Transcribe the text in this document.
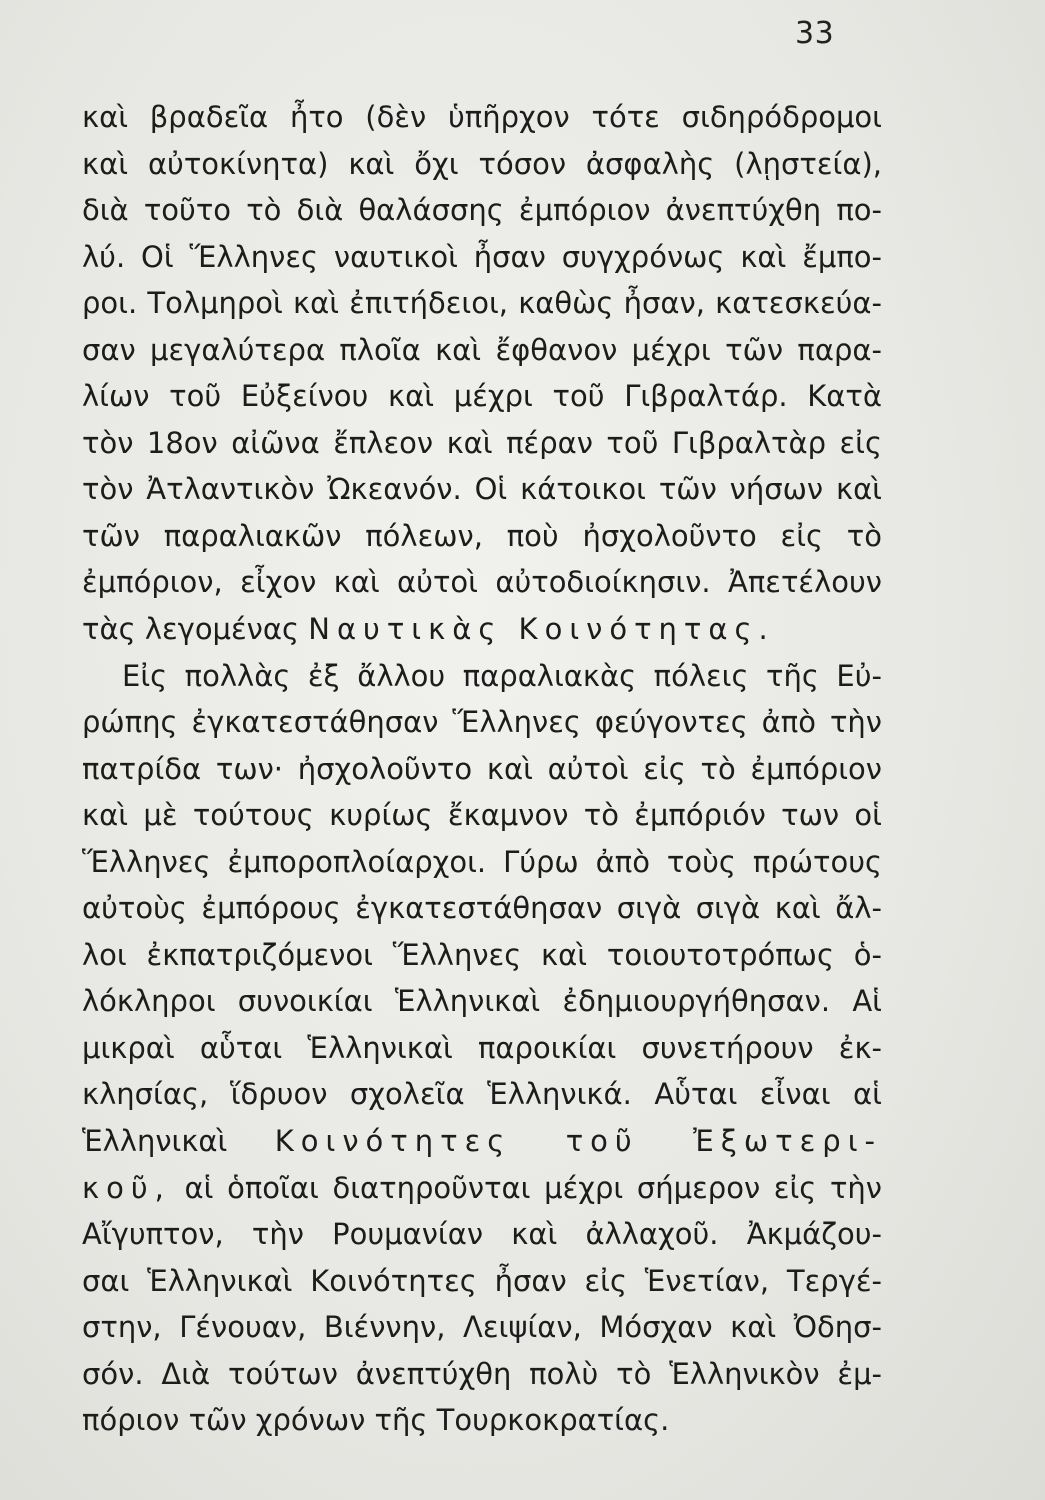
33
καὶ βραδεῖα ἦτο (δὲν ὑπῆρχον τότε σιδηρόδρομοι
καὶ αὐτοκίνητα) καὶ ὄχι τόσον ἀσφαλὴς (λῃστεία),
διὰ τοῦτο τὸ διὰ θαλάσσης ἐμπόριον ἀνεπτύχθη πο-
λύ. Οἱ Ἕλληνες ναυτικοὶ ἦσαν συγχρόνως καὶ ἔμπο-
ροι. Τολμηροὶ καὶ ἐπιτήδειοι, καθὼς ἦσαν, κατεσκεύα-
σαν μεγαλύτερα πλοῖα καὶ ἔφθανον μέχρι τῶν παρα-
λίων τοῦ Εὐξείνου καὶ μέχρι τοῦ Γιβραλτάρ. Κατὰ
τὸν 18ον αἰῶνα ἔπλεον καὶ πέραν τοῦ Γιβραλτὰρ εἰς
τὸν Ἀτλαντικὸν Ὠκεανόν. Οἱ κάτοικοι τῶν νήσων καὶ
τῶν παραλιακῶν πόλεων, ποὺ ἠσχολοῦντο εἰς τὸ
ἐμπόριον, εἶχον καὶ αὐτοὶ αὐτοδιοίκησιν. Ἀπετέλουν
τὰς λεγομένας Ναυτικὰς Κοινότητας.
Εἰς πολλὰς ἐξ ἄλλου παραλιακὰς πόλεις τῆς Εὐ-
ρώπης ἐγκατεστάθησαν Ἕλληνες φεύγοντες ἀπὸ τὴν
πατρίδα των· ἠσχολοῦντο καὶ αὐτοὶ εἰς τὸ ἐμπόριον
καὶ μὲ τούτους κυρίως ἔκαμνον τὸ ἐμπόριόν των οἱ
Ἕλληνες ἐμποροπλοίαρχοι. Γύρω ἀπὸ τοὺς πρώτους
αὐτοὺς ἐμπόρους ἐγκατεστάθησαν σιγὰ σιγὰ καὶ ἄλ-
λοι ἐκπατριζόμενοι Ἕλληνες καὶ τοιουτοτρόπως ὁ-
λόκληροι συνοικίαι Ἑλληνικαὶ ἐδημιουργήθησαν. Αἱ
μικραὶ αὗται Ἑλληνικαὶ παροικίαι συνετήρουν ἐκ-
κλησίας, ἵδρυον σχολεῖα Ἑλληνικά. Αὗται εἶναι αἱ
Ἑλληνικαὶ Κοινότητες τοῦ Ἐξωτερι-
κοῦ, αἱ ὁποῖαι διατηροῦνται μέχρι σήμερον εἰς τὴν
Αἴγυπτον, τὴν Ρουμανίαν καὶ ἀλλαχοῦ. Ἀκμάζου-
σαι Ἑλληνικαὶ Κοινότητες ἦσαν εἰς Ἑνετίαν, Τεργέ-
στην, Γένουαν, Βιέννην, Λειψίαν, Μόσχαν καὶ Ὀδησ-
σόν. Διὰ τούτων ἀνεπτύχθη πολὺ τὸ Ἑλληνικὸν ἐμ-
πόριον τῶν χρόνων τῆς Τουρκοκρατίας.
